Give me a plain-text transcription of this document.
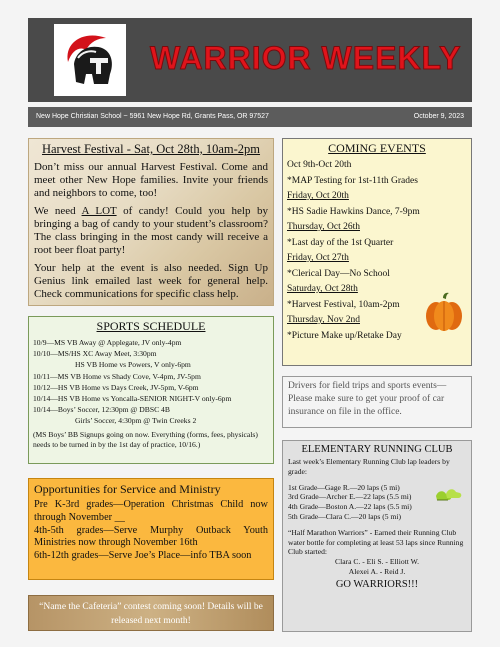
WARRIOR WEEKLY
New Hope Christian School ~ 5961 New Hope Rd, Grants Pass, OR 97527	October 9, 2023
Harvest Festival - Sat, Oct 28th, 10am-2pm

Don’t miss our annual Harvest Festival. Come and meet other New Hope families. Invite your friends and neighbors to come, too!

We need A LOT of candy! Could you help by bringing a bag of candy to your student’s classroom? The class bringing in the most candy will receive a root beer float party!

Your help at the event is also needed. Sign Up Genius link emailed last week for general help. Check communications for specific class help.

COMING EVENTS
Oct 9th-Oct 20th
*MAP Testing for 1st-11th Grades
Friday, Oct 20th
*HS Sadie Hawkins Dance, 7-9pm
Thursday, Oct 26th
*Last day of the 1st Quarter
Friday, Oct 27th
*Clerical Day—No School
Saturday, Oct 28th
*Harvest Festival, 10am-2pm
Thursday, Nov 2nd
*Picture Make up/Retake Day
SPORTS SCHEDULE
10/9—MS VB Away @ Applegate, JV only-4pm
10/10—MS/HS XC Away Meet, 3:30pm
HS VB Home vs Powers, V only-6pm
10/11—MS VB Home vs Shady Cove, V-4pm, JV-5pm
10/12—HS VB Home vs Days Creek, JV-5pm, V-6pm
10/14—HS VB Home vs Yoncalla-SENIOR NIGHT-V only-6pm
10/14—Boys’ Soccer, 12:30pm @ DBSC 4B
Girls’ Soccer, 4:30pm @ Twin Creeks 2
(MS Boys’ BB Signups going on now. Everything (forms, fees, physicals) needs to be turned in by the 1st day of practice, 10/16.)
Drivers for field trips and sports events—Please make sure to get your proof of car insurance on file in the office.
Opportunities for Service and Ministry

Pre K-3rd grades—Operation Christmas Child now through November __

4th-5th grades—Serve Murphy Outback Youth Ministries now through November 16th

6th-12th grades—Serve Joe’s Place—info TBA soon

“Name the Cafeteria” contest coming soon! Details will be released next month!
ELEMENTARY RUNNING CLUB
Last week’s Elementary Running Club lap leaders by grade:
1st Grade—Gage R.—20 laps (5 mi)
3rd Grade—Archer E.—22 laps (5.5 mi)
4th Grade—Boston A.—22 laps (5.5 mi)
5th Grade—Clara C.—20 laps (5 mi)
“Half Marathon Warriors” - Earned their Running Club water bottle for completing at least 53 laps since Running Club started:
Clara C. - Eli S. - Elliott W.
Alexei A. - Reid J.
GO WARRIORS!!!
